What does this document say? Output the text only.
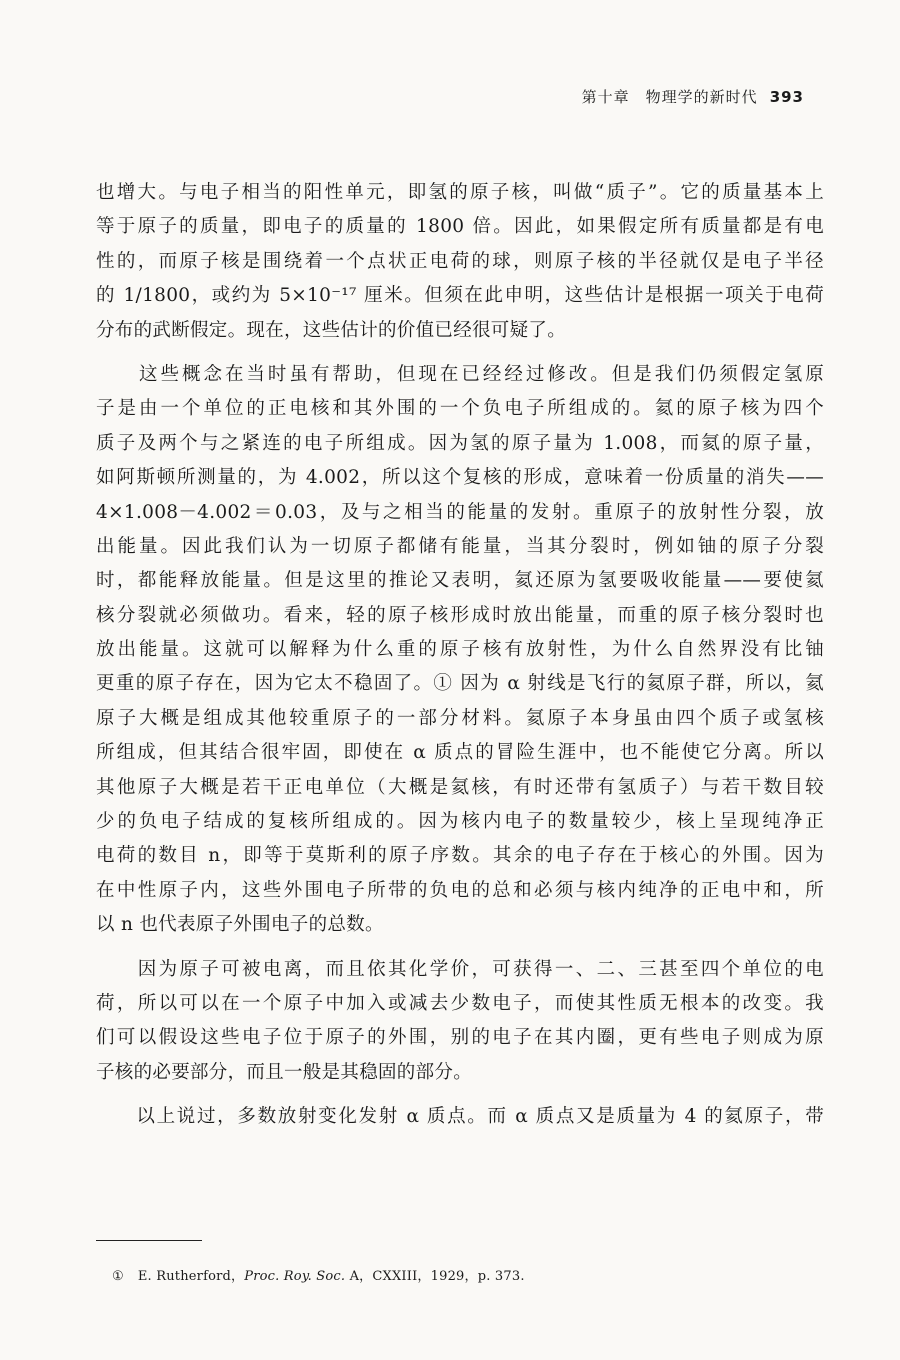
第十章　物理学的新时代 393
也增大。与电子相当的阳性单元，即氢的原子核，叫做“质子”。它的质量基本上
等于原子的质量，即电子的质量的 1800 倍。因此，如果假定所有质量都是有电
性的，而原子核是围绕着一个点状正电荷的球，则原子核的半径就仅是电子半径
的 1/1800，或约为 5×10⁻¹⁷ 厘米。但须在此申明，这些估计是根据一项关于电荷
分布的武断假定。现在，这些估计的价值已经很可疑了。
　　这些概念在当时虽有帮助，但现在已经经过修改。但是我们仍须假定氢原
子是由一个单位的正电核和其外围的一个负电子所组成的。氦的原子核为四个
质子及两个与之紧连的电子所组成。因为氢的原子量为 1.008，而氦的原子量，
如阿斯顿所测量的，为 4.002，所以这个复核的形成，意味着一份质量的消失——
4×1.008－4.002＝0.03，及与之相当的能量的发射。重原子的放射性分裂，放
出能量。因此我们认为一切原子都储有能量，当其分裂时，例如铀的原子分裂
时，都能释放能量。但是这里的推论又表明，氦还原为氢要吸收能量——要使氦
核分裂就必须做功。看来，轻的原子核形成时放出能量，而重的原子核分裂时也
放出能量。这就可以解释为什么重的原子核有放射性，为什么自然界没有比铀
更重的原子存在，因为它太不稳固了。① 因为 α 射线是飞行的氦原子群，所以，氦
原子大概是组成其他较重原子的一部分材料。氦原子本身虽由四个质子或氢核
所组成，但其结合很牢固，即使在 α 质点的冒险生涯中，也不能使它分离。所以
其他原子大概是若干正电单位（大概是氦核，有时还带有氢质子）与若干数目较
少的负电子结成的复核所组成的。因为核内电子的数量较少，核上呈现纯净正
电荷的数目 n，即等于莫斯利的原子序数。其余的电子存在于核心的外围。因为
在中性原子内，这些外围电子所带的负电的总和必须与核内纯净的正电中和，所
以 n 也代表原子外围电子的总数。
　　因为原子可被电离，而且依其化学价，可获得一、二、三甚至四个单位的电
荷，所以可以在一个原子中加入或减去少数电子，而使其性质无根本的改变。我
们可以假设这些电子位于原子的外围，别的电子在其内圈，更有些电子则成为原
子核的必要部分，而且一般是其稳固的部分。
　　以上说过，多数放射变化发射 α 质点。而 α 质点又是质量为 4 的氦原子，带
① E. Rutherford，Proc. Roy. Soc. A，CXXIII，1929，p. 373.
